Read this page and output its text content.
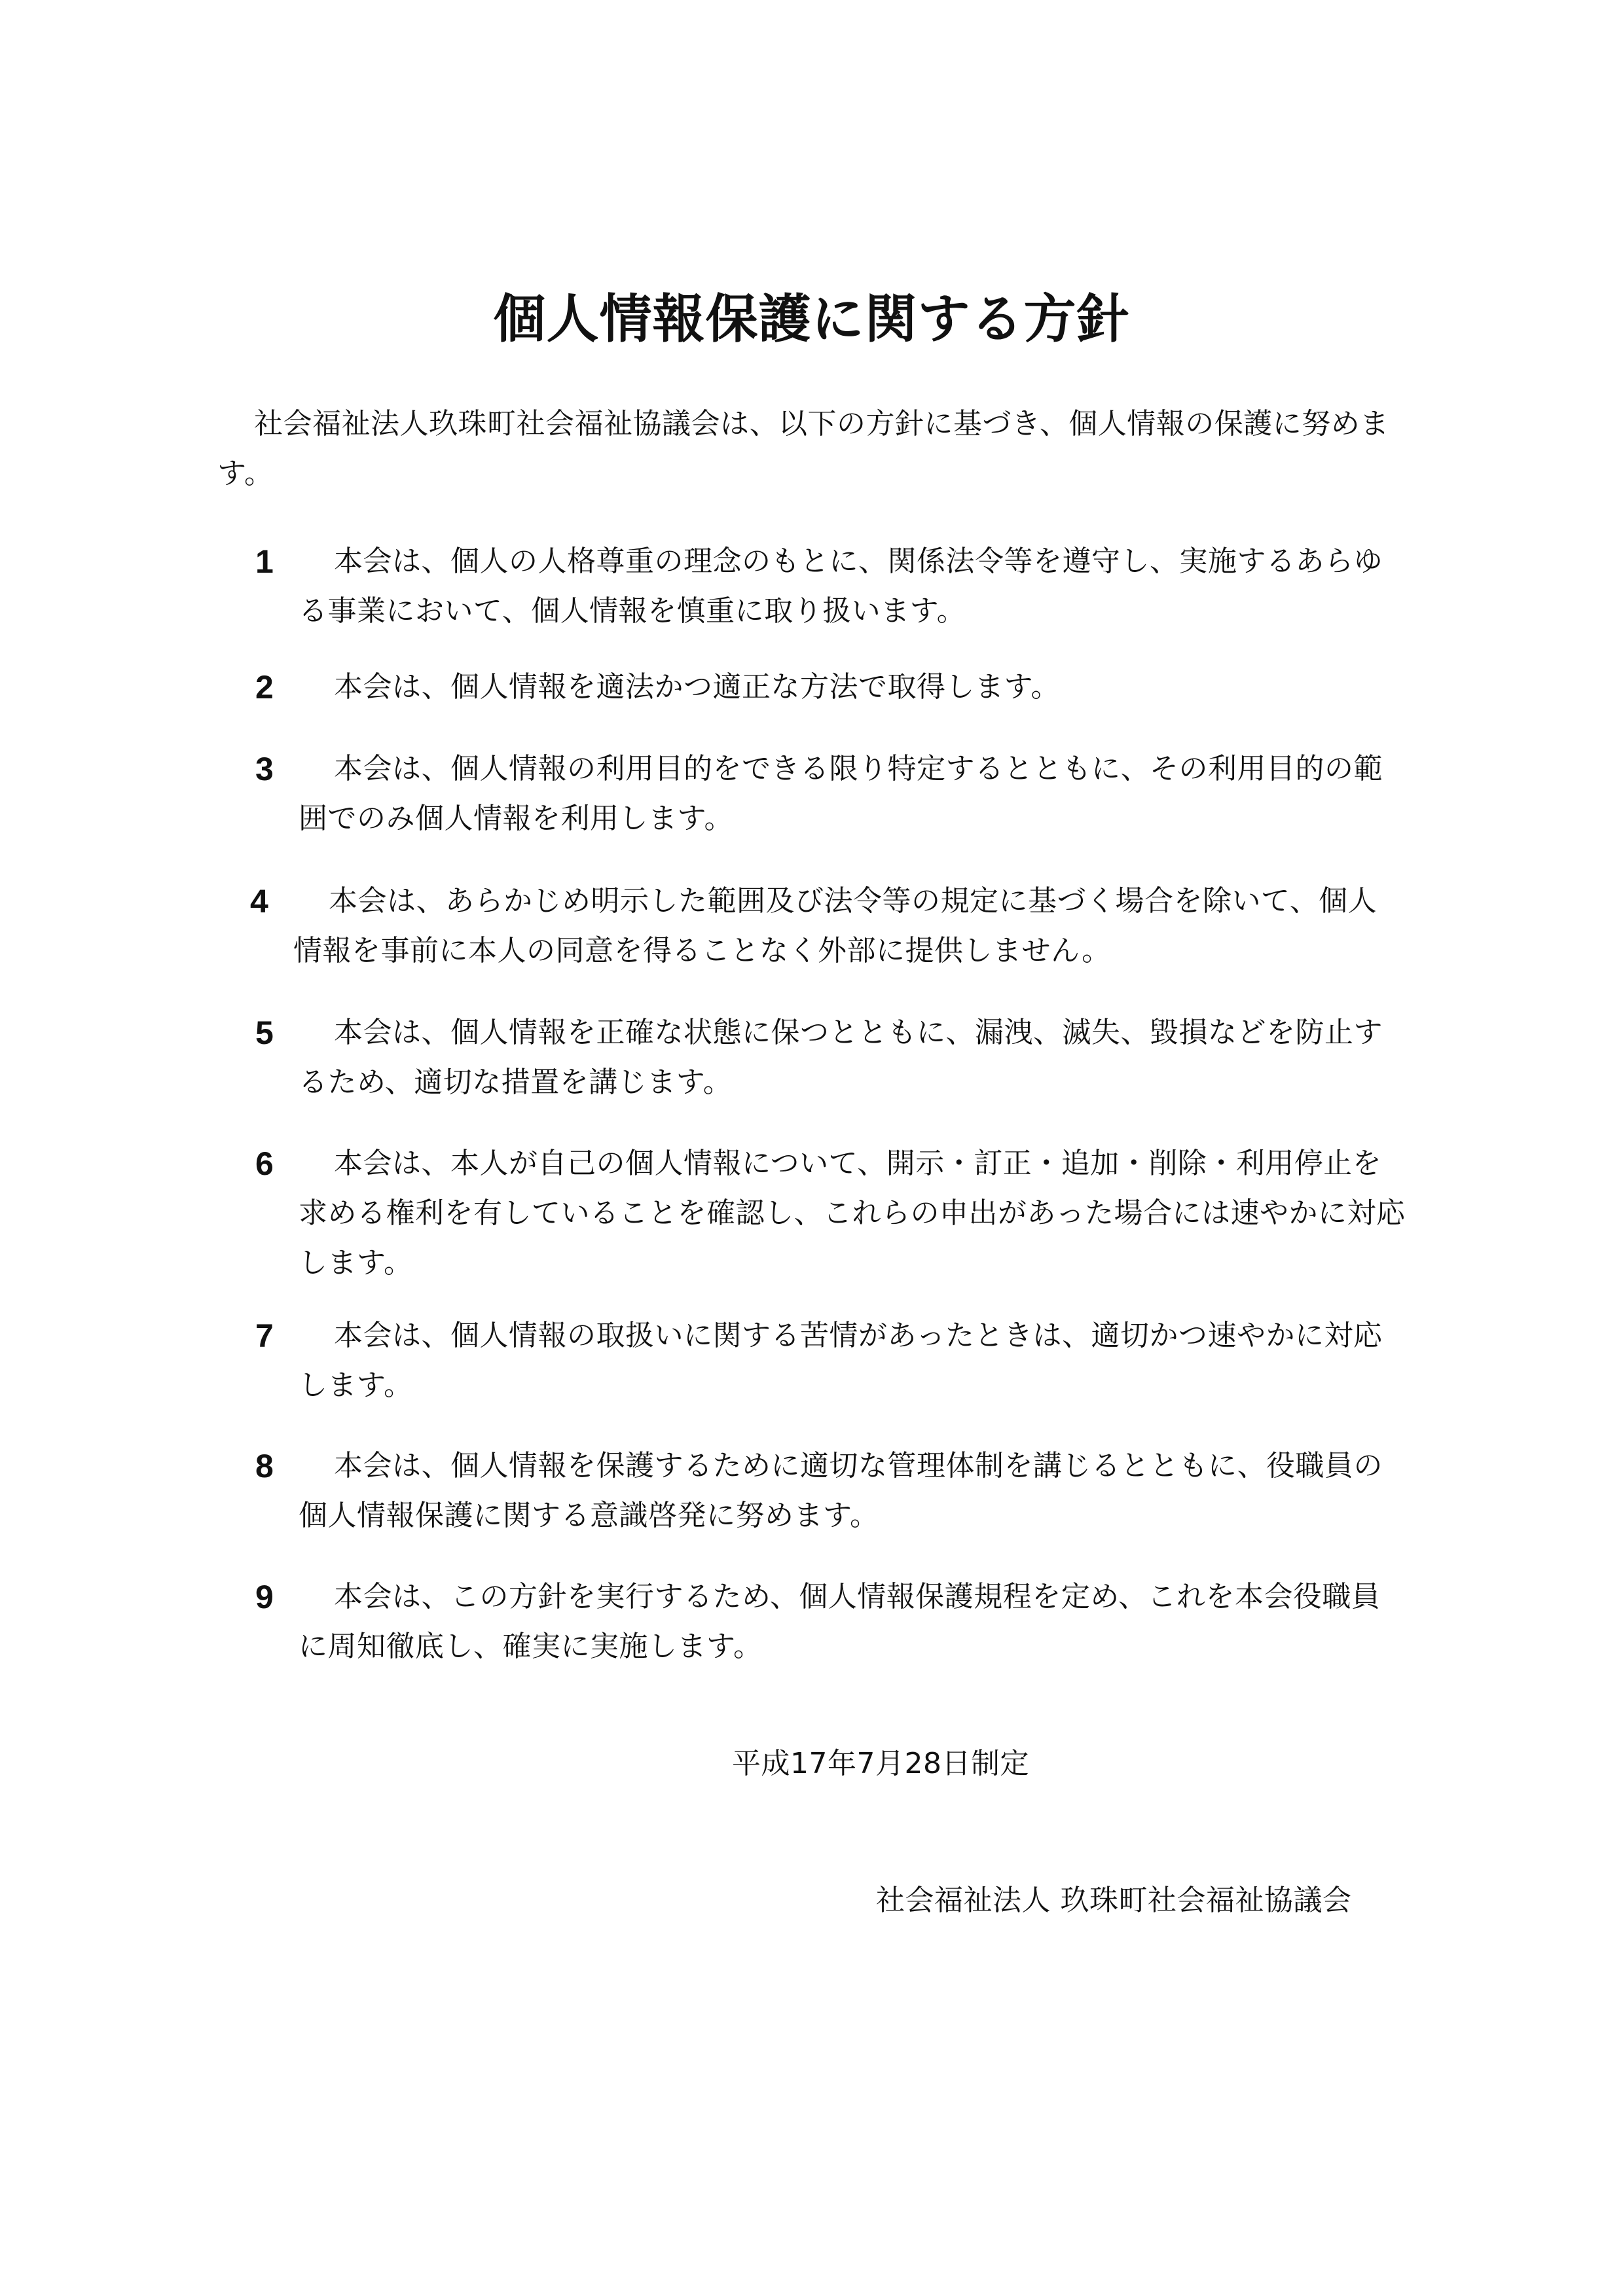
個人情報保護に関する方針
社会福祉法人玖珠町社会福祉協議会は、以下の方針に基づき、個人情報の保護に努めます。
1	本会は、個人の人格尊重の理念のもとに、関係法令等を遵守し、実施するあらゆる事業において、個人情報を慎重に取り扱います。
2	本会は、個人情報を適法かつ適正な方法で取得します。
3	本会は、個人情報の利用目的をできる限り特定するとともに、その利用目的の範囲でのみ個人情報を利用します。
4	本会は、あらかじめ明示した範囲及び法令等の規定に基づく場合を除いて、個人情報を事前に本人の同意を得ることなく外部に提供しません。
5	本会は、個人情報を正確な状態に保つとともに、漏洩、滅失、毀損などを防止するため、適切な措置を講じます。
6	本会は、本人が自己の個人情報について、開示・訂正・追加・削除・利用停止を求める権利を有していることを確認し、これらの申出があった場合には速やかに対応します。
7	本会は、個人情報の取扱いに関する苦情があったときは、適切かつ速やかに対応します。
8	本会は、個人情報を保護するために適切な管理体制を講じるとともに、役職員の個人情報保護に関する意識啓発に努めます。
9	本会は、この方針を実行するため、個人情報保護規程を定め、これを本会役職員に周知徹底し、確実に実施します。
平成17年7月28日制定
社会福祉法人 玖珠町社会福祉協議会
